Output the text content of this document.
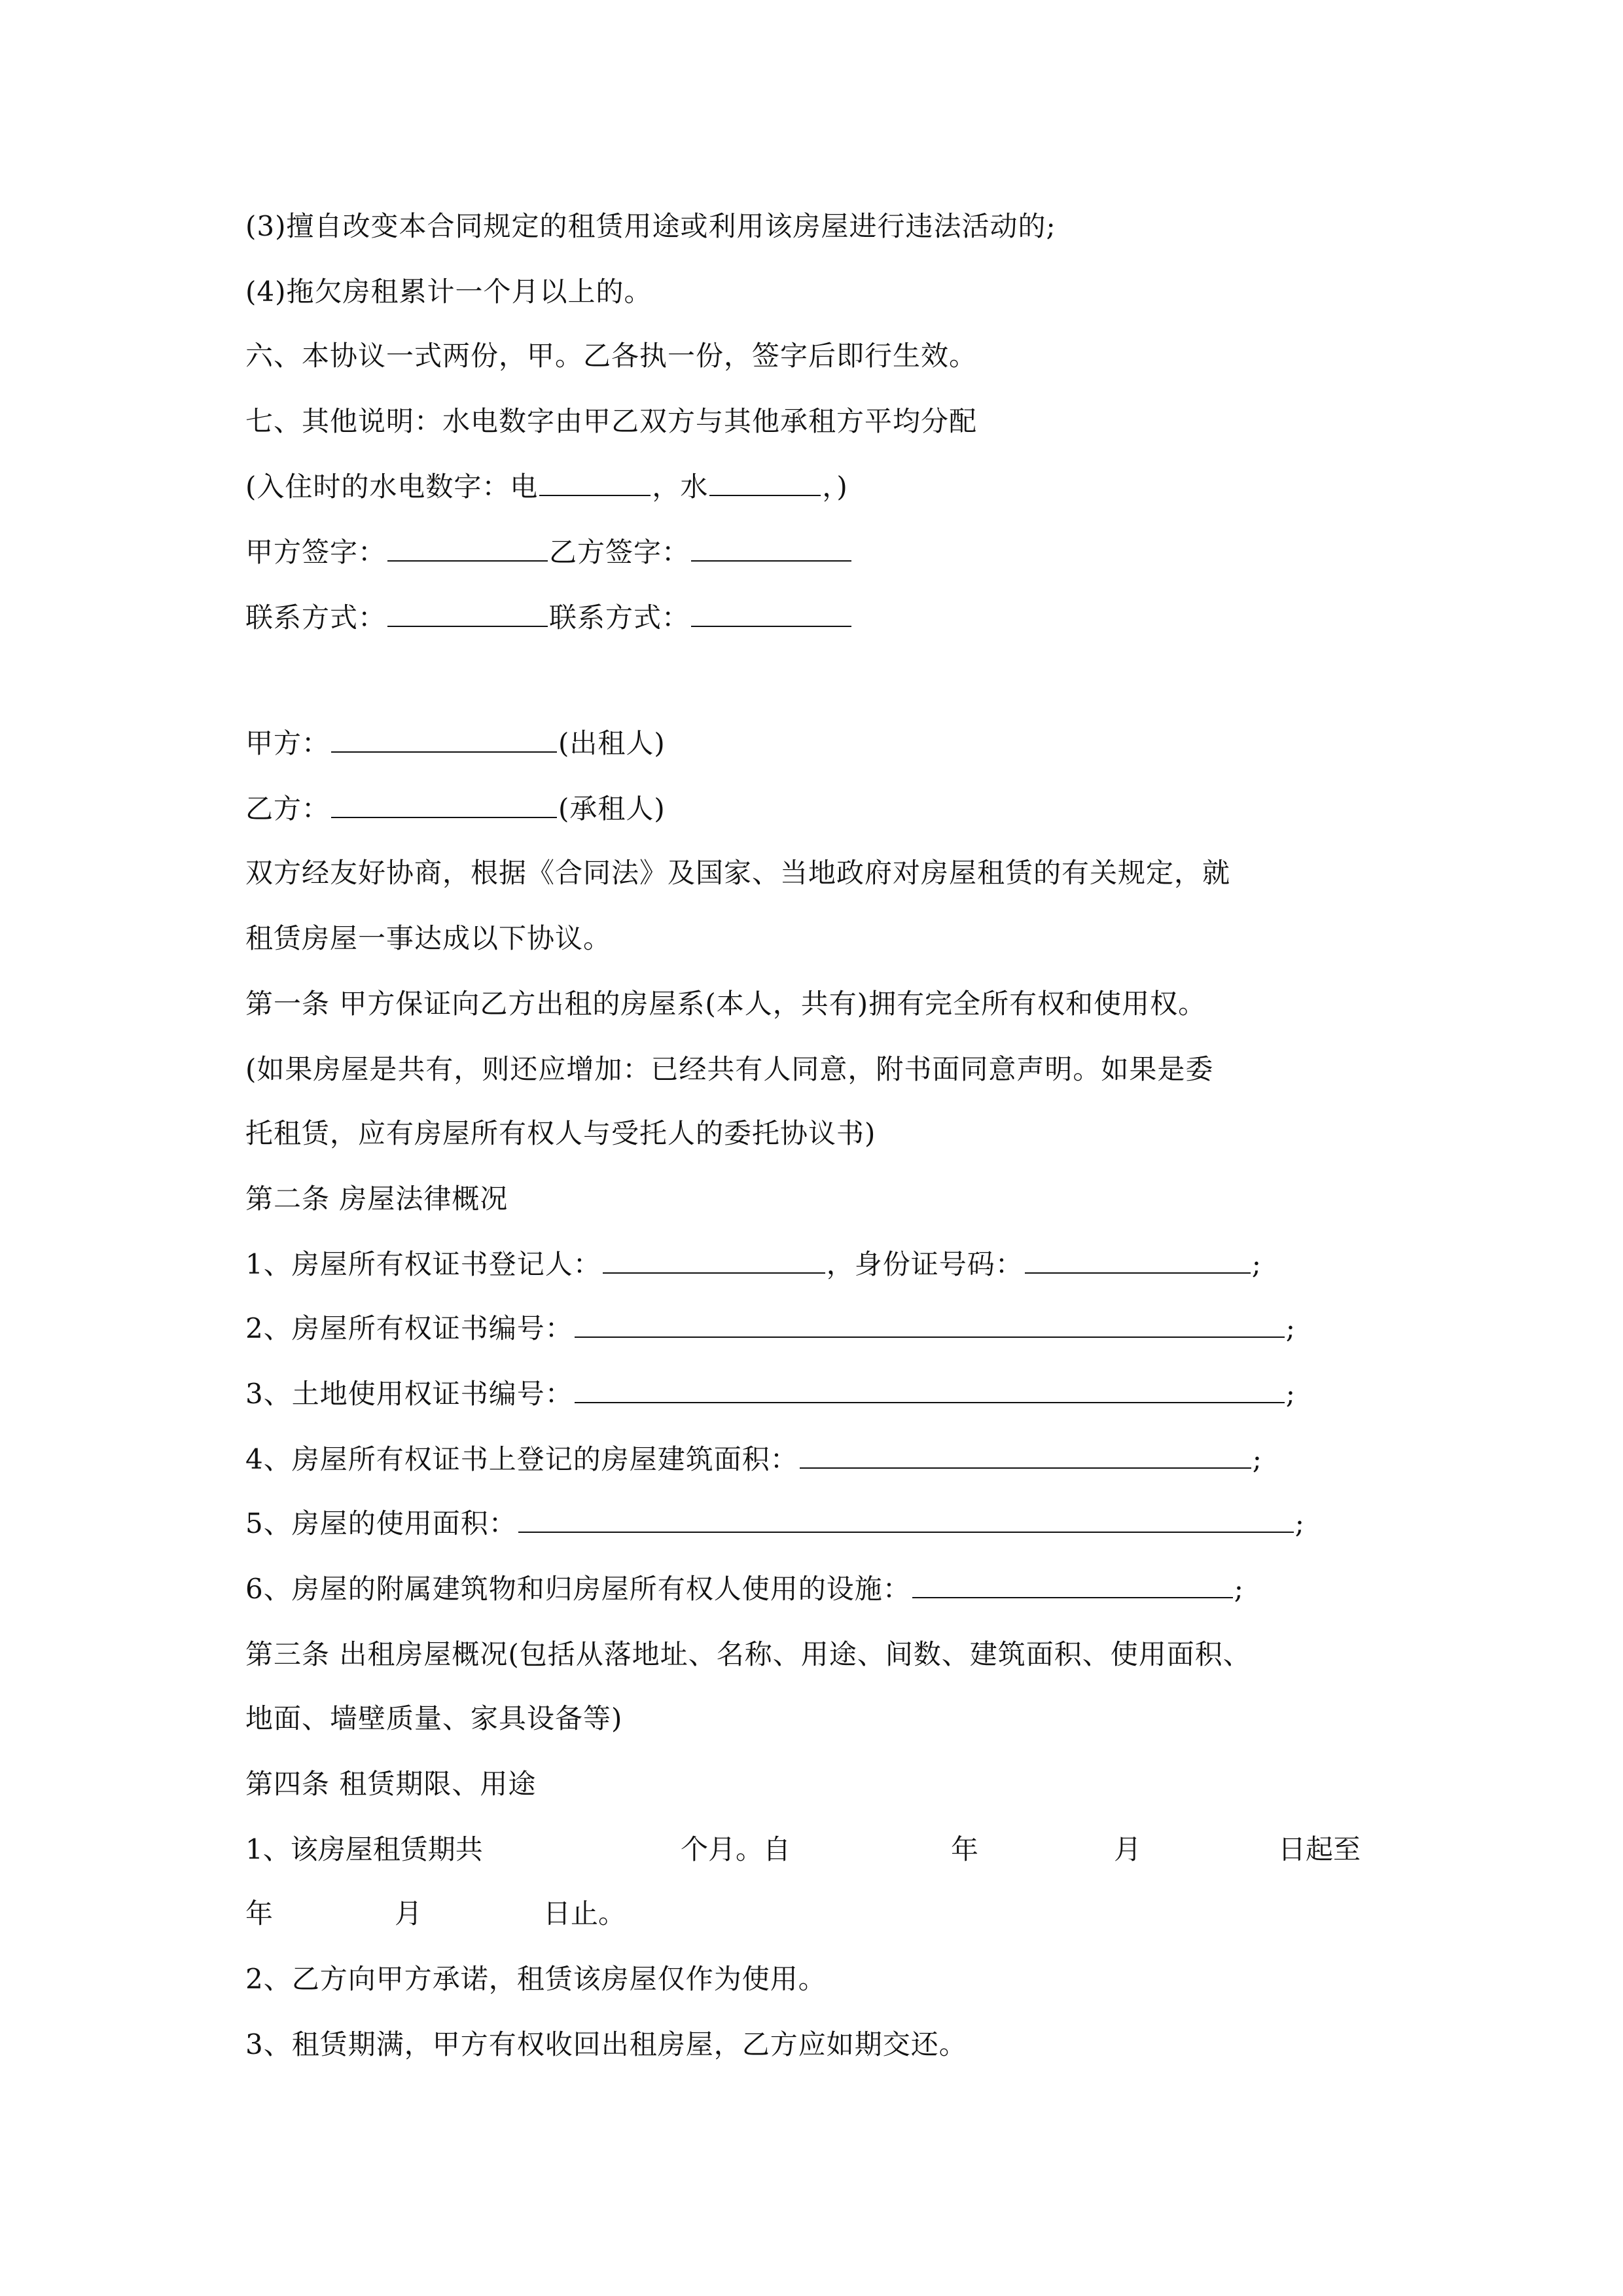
(3)擅自改变本合同规定的租赁用途或利用该房屋进行违法活动的;
(4)拖欠房租累计一个月以上的。
六、本协议一式两份，甲。乙各执一份，签字后即行生效。
七、其他说明：水电数字由甲乙双方与其他承租方平均分配
(入住时的水电数字：电	，水	，)
甲方签字：	乙方签字：
联系方式：	联系方式：
甲方：	(出租人)
乙方：	(承租人)
双方经友好协商，根据《合同法》及国家、当地政府对房屋租赁的有关规定，就
租赁房屋一事达成以下协议。
第一条 甲方保证向乙方出租的房屋系(本人，共有)拥有完全所有权和使用权。
(如果房屋是共有，则还应增加：已经共有人同意，附书面同意声明。如果是委
托租赁，应有房屋所有权人与受托人的委托协议书)
第二条 房屋法律概况
1、房屋所有权证书登记人：	，身份证号码：	;
2、房屋所有权证书编号：	;
3、土地使用权证书编号：	;
4、房屋所有权证书上登记的房屋建筑面积：	;
5、房屋的使用面积：	;
6、房屋的附属建筑物和归房屋所有权人使用的设施：	;
第三条 出租房屋概况(包括从落地址、名称、用途、间数、建筑面积、使用面积、
地面、墙壁质量、家具设备等)
第四条 租赁期限、用途
1、该房屋租赁期共	个月。自	年	月	日起至
年	月	日止。
2、乙方向甲方承诺，租赁该房屋仅作为使用。
3、租赁期满，甲方有权收回出租房屋，乙方应如期交还。
